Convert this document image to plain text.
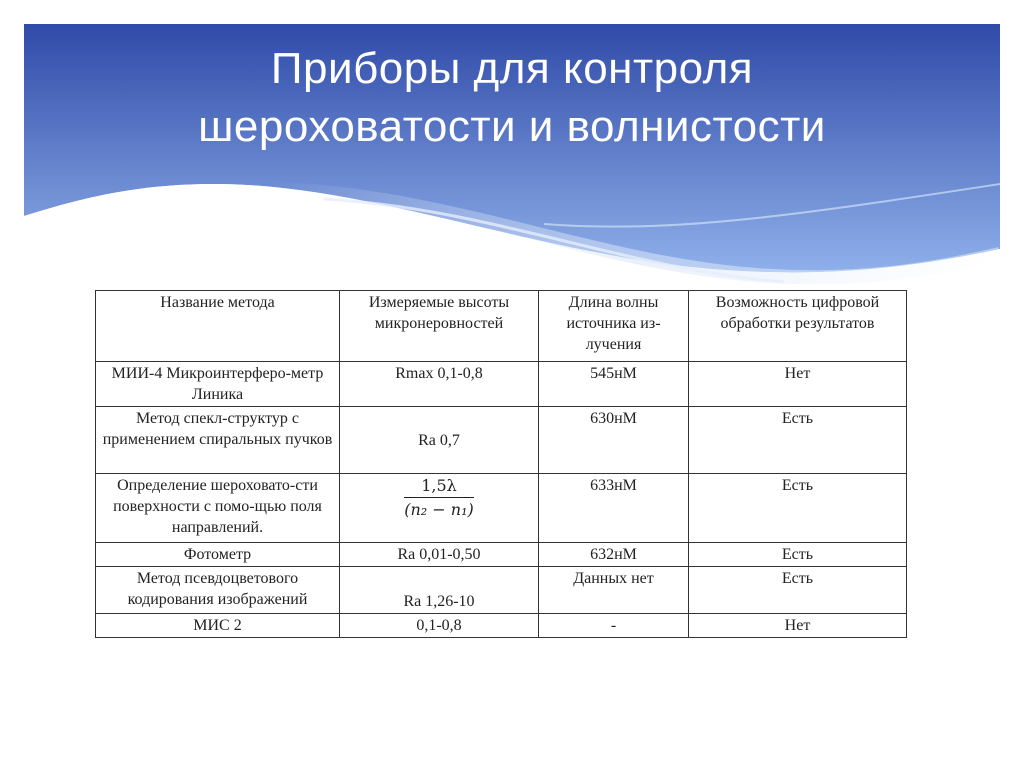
Приборы для контроля
шероховатости и волнистости
Название метода	Измеряемые высоты микронеровностей	Длина волны источника из-лучения	Возможность цифровой обработки результатов
МИИ-4 Микроинтерферо-метр Линика	Rmax 0,1-0,8	545нМ	Нет
Метод спекл-структур с применением спиральных пучков	Ra 0,7	630нМ	Есть
Определение шероховато-сти поверхности с помо-щью поля направлений.	$\frac{1,5\lambda}{\text{(n₂ − n₁)}}$	633нМ	Есть
Фотометр	Ra 0,01-0,50	632нМ	Есть
Метод псевдоцветового кодирования изображений	Ra 1,26-10	Данных нет	Есть
МИС 2	0,1-0,8	-	Нет
